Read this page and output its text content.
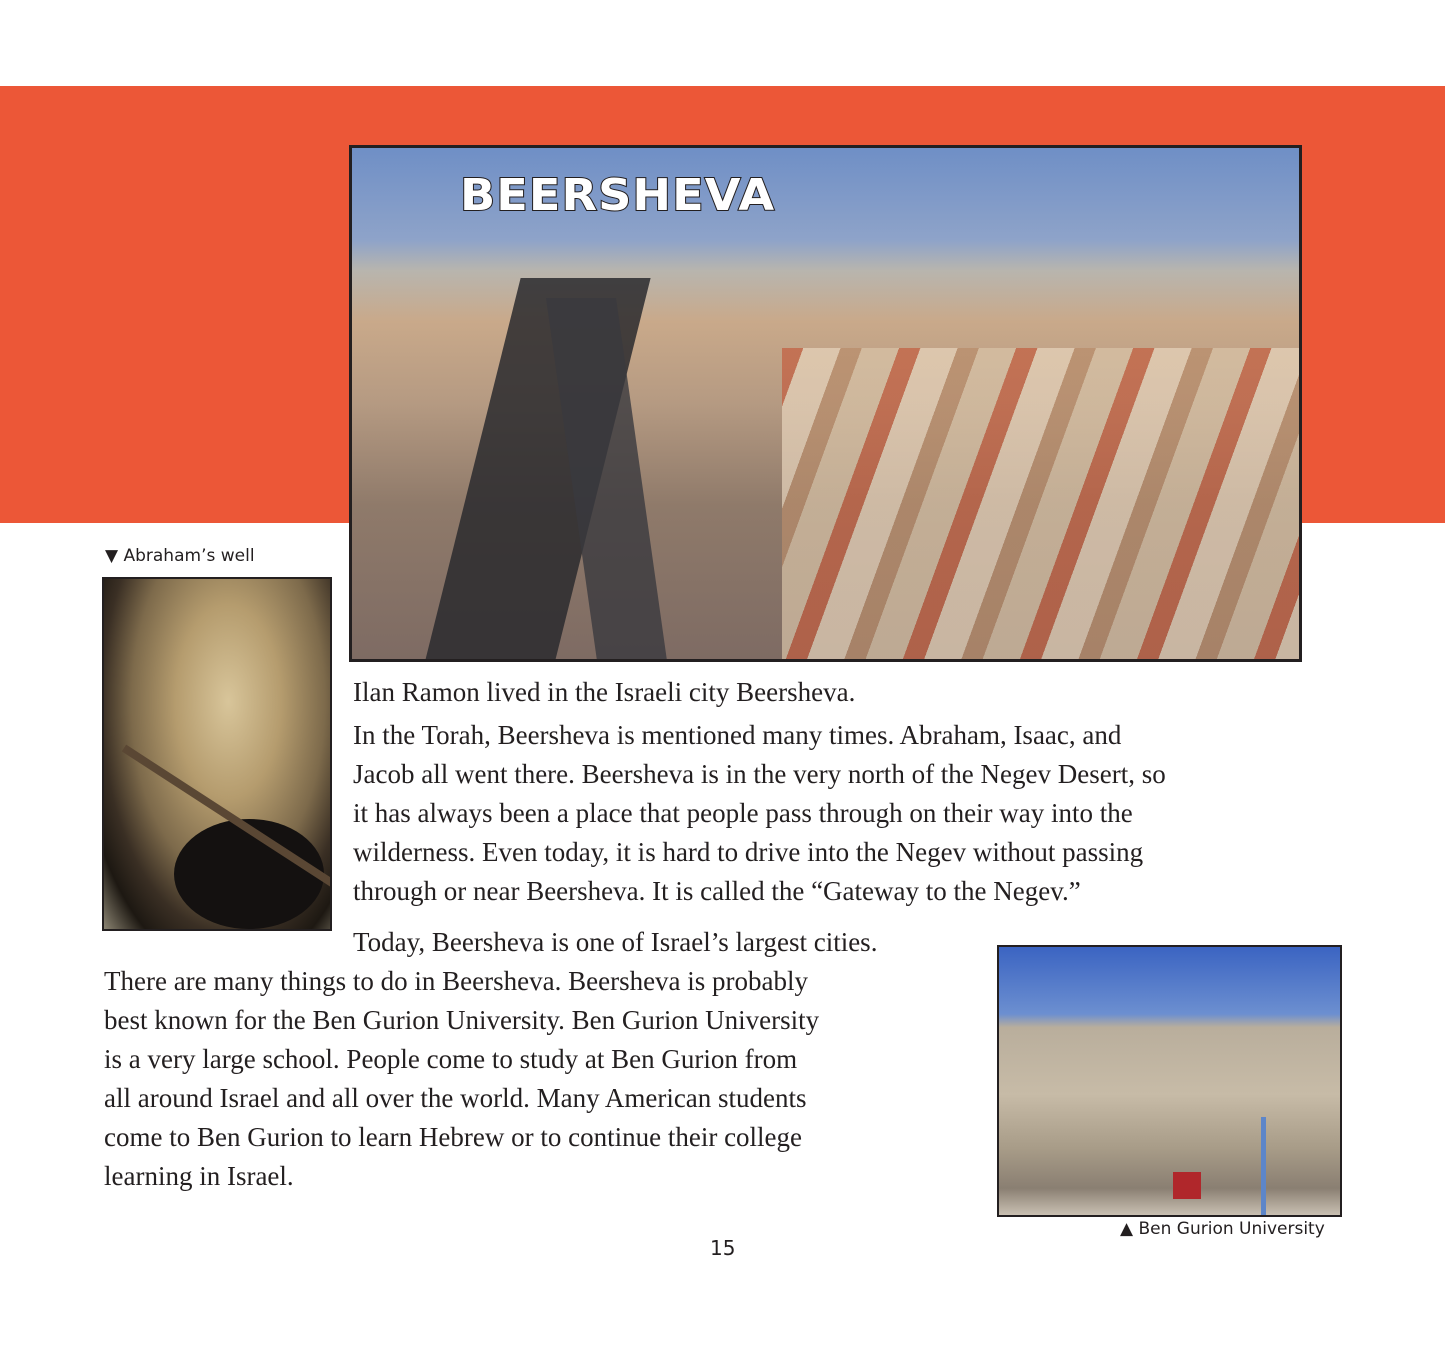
BEERSHEVA
▼ Abraham’s well
Ilan Ramon lived in the Israeli city Beersheva.
In the Torah, Beersheva is mentioned many times. Abraham, Isaac, and
Jacob all went there. Beersheva is in the very north of the Negev Desert, so
it has always been a place that people pass through on their way into the
wilderness. Even today, it is hard to drive into the Negev without passing
through or near Beersheva. It is called the “Gateway to the Negev.”
Today, Beersheva is one of Israel’s largest cities.
There are many things to do in Beersheva. Beersheva is probably
best known for the Ben Gurion University. Ben Gurion University
is a very large school. People come to study at Ben Gurion from
all around Israel and all over the world. Many American students
come to Ben Gurion to learn Hebrew or to continue their college
learning in Israel.
▲ Ben Gurion University
15
